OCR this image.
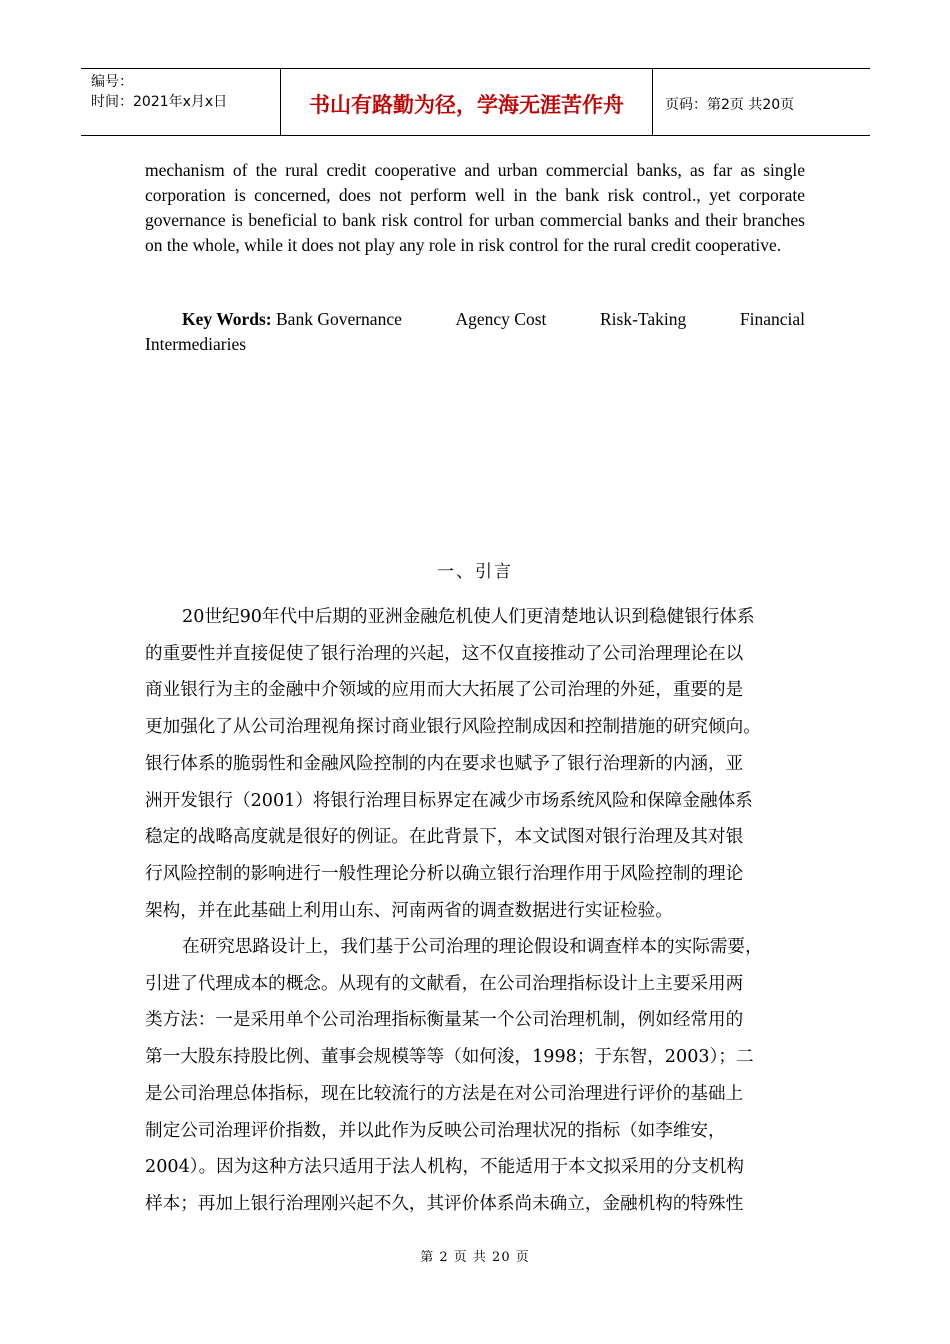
编号：
时间：2021年x月x日	书山有路勤为径，学海无涯苦作舟	页码：第2页 共20页

mechanism of the rural credit cooperative and urban commercial banks, as far as single corporation is concerned, does not perform well in the bank risk control., yet corporate governance is beneficial to bank risk control for urban commercial banks and their branches on the whole, while it does not play any role in risk control for the rural credit cooperative.

Key Words: Bank Governance	Agency Cost	Risk-Taking	Financial
Intermediaries
一、引言
20世纪90年代中后期的亚洲金融危机使人们更清楚地认识到稳健银行体系
的重要性并直接促使了银行治理的兴起，这不仅直接推动了公司治理理论在以
商业银行为主的金融中介领域的应用而大大拓展了公司治理的外延，重要的是
更加强化了从公司治理视角探讨商业银行风险控制成因和控制措施的研究倾向。
银行体系的脆弱性和金融风险控制的内在要求也赋予了银行治理新的内涵，亚
洲开发银行（2001）将银行治理目标界定在减少市场系统风险和保障金融体系
稳定的战略高度就是很好的例证。在此背景下，本文试图对银行治理及其对银
行风险控制的影响进行一般性理论分析以确立银行治理作用于风险控制的理论
架构，并在此基础上利用山东、河南两省的调查数据进行实证检验。
在研究思路设计上，我们基于公司治理的理论假设和调查样本的实际需要，
引进了代理成本的概念。从现有的文献看，在公司治理指标设计上主要采用两
类方法：一是采用单个公司治理指标衡量某一个公司治理机制，例如经常用的
第一大股东持股比例、董事会规模等等（如何浚，1998；于东智，2003）；二
是公司治理总体指标，现在比较流行的方法是在对公司治理进行评价的基础上
制定公司治理评价指数，并以此作为反映公司治理状况的指标（如李维安，
2004）。因为这种方法只适用于法人机构，不能适用于本文拟采用的分支机构
样本；再加上银行治理刚兴起不久，其评价体系尚未确立，金融机构的特殊性
第 2 页 共 20 页
